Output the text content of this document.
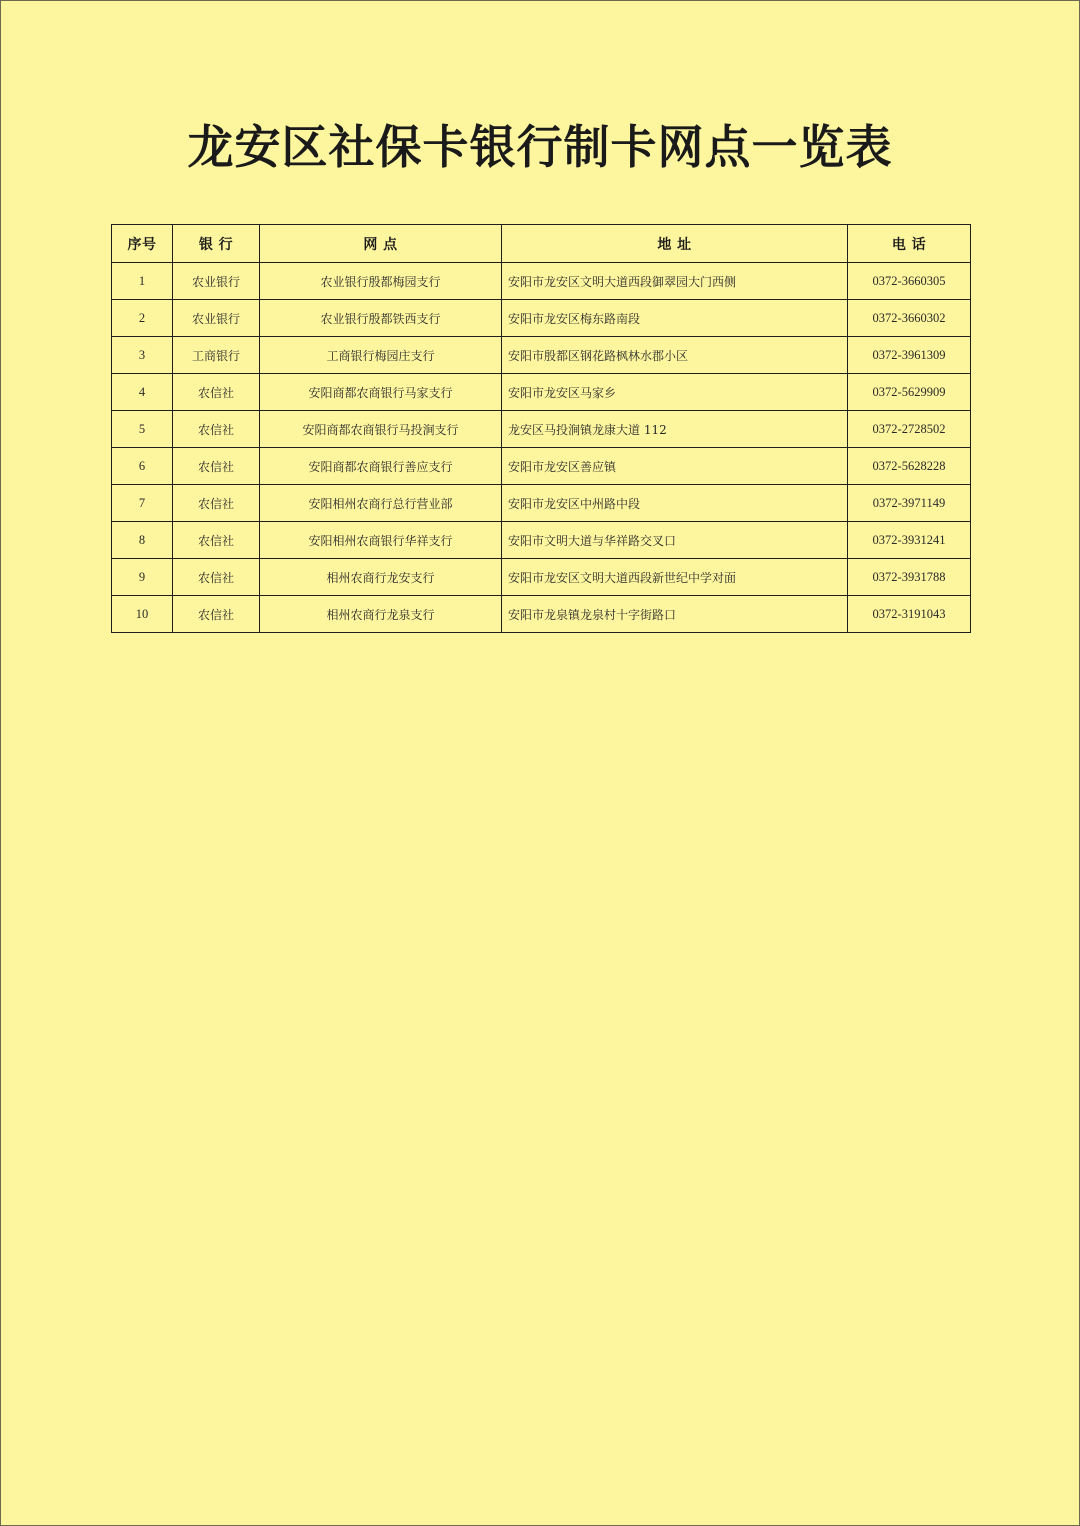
龙安区社保卡银行制卡网点一览表
序号	银 行	网 点	地 址	电 话
1	农业银行	农业银行殷都梅园支行	安阳市龙安区文明大道西段御翠园大门西侧	0372-3660305
2	农业银行	农业银行殷都铁西支行	安阳市龙安区梅东路南段	0372-3660302
3	工商银行	工商银行梅园庄支行	安阳市殷都区钢花路枫林水郡小区	0372-3961309
4	农信社	安阳商都农商银行马家支行	安阳市龙安区马家乡	0372-5629909
5	农信社	安阳商都农商银行马投涧支行	龙安区马投涧镇龙康大道 112	0372-2728502
6	农信社	安阳商都农商银行善应支行	安阳市龙安区善应镇	0372-5628228
7	农信社	安阳相州农商行总行营业部	安阳市龙安区中州路中段	0372-3971149
8	农信社	安阳相州农商银行华祥支行	安阳市文明大道与华祥路交叉口	0372-3931241
9	农信社	相州农商行龙安支行	安阳市龙安区文明大道西段新世纪中学对面	0372-3931788
10	农信社	相州农商行龙泉支行	安阳市龙泉镇龙泉村十字街路口	0372-3191043
